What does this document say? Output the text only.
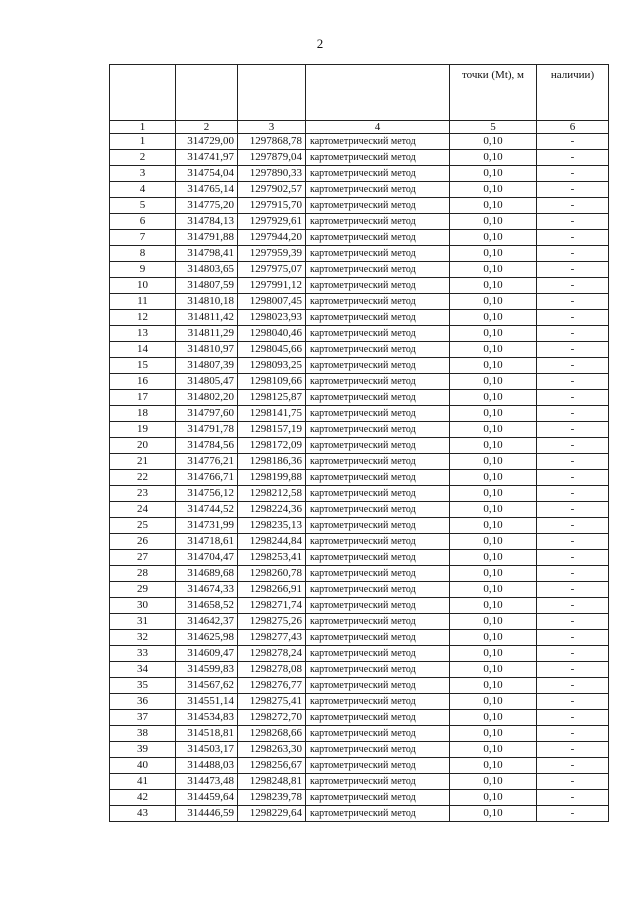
2
				точки (Mt), м	наличии)
1	2	3	4	5	6
1	314729,00	1297868,78	картометрический метод	0,10	-
2	314741,97	1297879,04	картометрический метод	0,10	-
3	314754,04	1297890,33	картометрический метод	0,10	-
4	314765,14	1297902,57	картометрический метод	0,10	-
5	314775,20	1297915,70	картометрический метод	0,10	-
6	314784,13	1297929,61	картометрический метод	0,10	-
7	314791,88	1297944,20	картометрический метод	0,10	-
8	314798,41	1297959,39	картометрический метод	0,10	-
9	314803,65	1297975,07	картометрический метод	0,10	-
10	314807,59	1297991,12	картометрический метод	0,10	-
11	314810,18	1298007,45	картометрический метод	0,10	-
12	314811,42	1298023,93	картометрический метод	0,10	-
13	314811,29	1298040,46	картометрический метод	0,10	-
14	314810,97	1298045,66	картометрический метод	0,10	-
15	314807,39	1298093,25	картометрический метод	0,10	-
16	314805,47	1298109,66	картометрический метод	0,10	-
17	314802,20	1298125,87	картометрический метод	0,10	-
18	314797,60	1298141,75	картометрический метод	0,10	-
19	314791,78	1298157,19	картометрический метод	0,10	-
20	314784,56	1298172,09	картометрический метод	0,10	-
21	314776,21	1298186,36	картометрический метод	0,10	-
22	314766,71	1298199,88	картометрический метод	0,10	-
23	314756,12	1298212,58	картометрический метод	0,10	-
24	314744,52	1298224,36	картометрический метод	0,10	-
25	314731,99	1298235,13	картометрический метод	0,10	-
26	314718,61	1298244,84	картометрический метод	0,10	-
27	314704,47	1298253,41	картометрический метод	0,10	-
28	314689,68	1298260,78	картометрический метод	0,10	-
29	314674,33	1298266,91	картометрический метод	0,10	-
30	314658,52	1298271,74	картометрический метод	0,10	-
31	314642,37	1298275,26	картометрический метод	0,10	-
32	314625,98	1298277,43	картометрический метод	0,10	-
33	314609,47	1298278,24	картометрический метод	0,10	-
34	314599,83	1298278,08	картометрический метод	0,10	-
35	314567,62	1298276,77	картометрический метод	0,10	-
36	314551,14	1298275,41	картометрический метод	0,10	-
37	314534,83	1298272,70	картометрический метод	0,10	-
38	314518,81	1298268,66	картометрический метод	0,10	-
39	314503,17	1298263,30	картометрический метод	0,10	-
40	314488,03	1298256,67	картометрический метод	0,10	-
41	314473,48	1298248,81	картометрический метод	0,10	-
42	314459,64	1298239,78	картометрический метод	0,10	-
43	314446,59	1298229,64	картометрический метод	0,10	-
